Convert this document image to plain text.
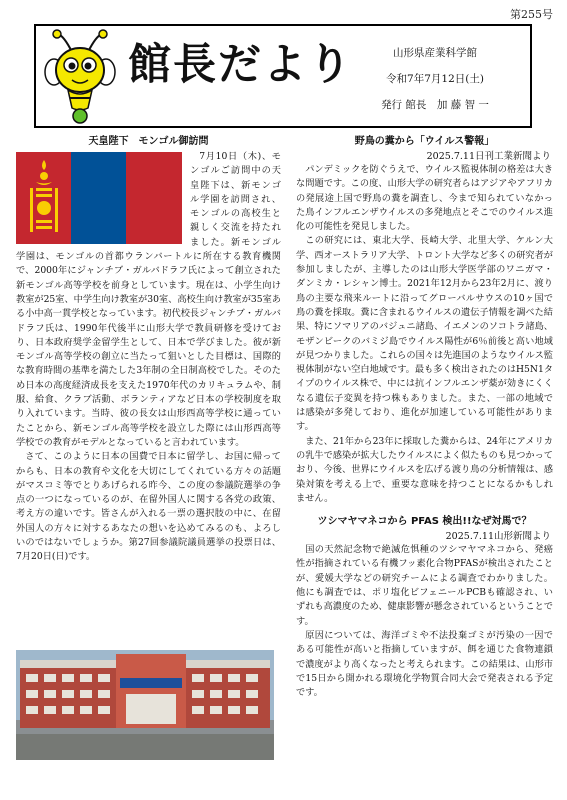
第255号
館長だより	山形県産業科学館
令和7年7月12日(土)
発行 館長　加 藤 智 一

天皇陛下　モンゴル御訪問

7月10日（木)、モンゴルご訪問中の天皇陛下は、新モンゴル学園を訪問され、モンゴルの高校生と親しく交流を持たれました。新モンゴル学園は、モンゴルの首都ウランバートルに所在する教育機関で、2000年にジャンチブ・ガルバドラフ氏によって創立された新モンゴル高等学校を前身としています。現在は、小学生向け教室が25室、中学生向け教室が30室、高校生向け教室が35室ある小中高一貫学校となっています。初代校長ジャンチブ・ガルバドラフ氏は、1990年代後半に山形大学で教員研修を受けており、日本政府奨学金留学生として、日本で学びました。彼が新モンゴル高等学校の創立に当たって狙いとした目標は、国際的な教育時間の基準を満たした3年制の全日制高校でした。そのため日本の高度経済成長を支えた1970年代のカリキュラムや、制服、給食、クラブ活動、ボランティアなど日本の学校制度を取り入れています。当時、彼の長女は山形西高等学校に通っていたことから、新モンゴル高等学校を設立した際には山形西高等学校での教育がモデルとなっていると言われています。

さて、このように日本の国費で日本に留学し、お国に帰ってからも、日本の教育や文化を大切にしてくれている方々の話題がマスコミ等でとりあげられる昨今、この度の参議院選挙の争点の一つになっているのが、在留外国人に関する各党の政策、考え方の違いです。皆さんが入れる一票の選択肢の中に、在留外国人の方々に対するあなたの想いを込めてみるのも、よろしいのではないでしょうか。第27回参議院議員選挙の投票日は、7月20日(日)です。

野鳥の糞から「ウイルス警報」

2025.7.11日刊工業新聞より

パンデミックを防ぐうえで、ウイルス監視体制の格差は大きな問題です。この度、山形大学の研究者らはアジアやアフリカの発展途上国で野鳥の糞を調査し、今まで知られていなかった鳥インフルエンザウイルスの多発地点とそこでのウイルス進化の可能性を発見しました。

この研究には、東北大学、長崎大学、北里大学、ケルン大学、西オーストラリア大学、トロント大学など多くの研究者が参加しましたが、主導したのは山形大学医学部のワニガマ・ダンミカ・レシャン博士。2021年12月から23年2月に、渡り鳥の主要な飛来ルートに沿ってグローバルサウスの10ヶ国で鳥の糞を採取。糞に含まれるウイルスの遺伝子情報を調べた結果、特にソマリアのバジュニ諸島、イエメンのソコトラ諸島、モザンビークのバミジ島でウイルス陽性が6％前後と高い地域が見つかりました。これらの国々は先進国のようなウイルス監視体制がない空白地域です。最も多く検出されたのはH5N1タイプのウイルス株で、中には抗インフルエンザ薬が効きにくくなる遺伝子変異を持つ株もありました。また、一部の地域では感染が多発しており、進化が加速している可能性があります。

また、21年から23年に採取した糞からは、24年にアメリカの乳牛で感染が拡大したウイルスによく似たものも見つかっており、今後、世界にウイルスを広げる渡り鳥の分析情報は、感染対策を考える上で、重要な意味を持つことになるかもしれません。

ツシマヤマネコから PFAS 検出!!なぜ対馬で？

2025.7.11山形新聞より

国の天然記念物で絶滅危惧種のツシマヤマネコから、発癌性が指摘されている有機フッ素化合物PFASが検出されたことが、愛媛大学などの研究チームによる調査でわかりました。他にも調査では、ポリ塩化ビフェニールPCBも確認され、いずれも高濃度のため、健康影響が懸念されているということです。

原因については、海洋ゴミや不法投棄ゴミが汚染の一因である可能性が高いと指摘していますが、餌を通じた食物連鎖で濃度がより高くなったと考えられます。この結果は、山形市で15日から開かれる環境化学物質合同大会で発表される予定です。
